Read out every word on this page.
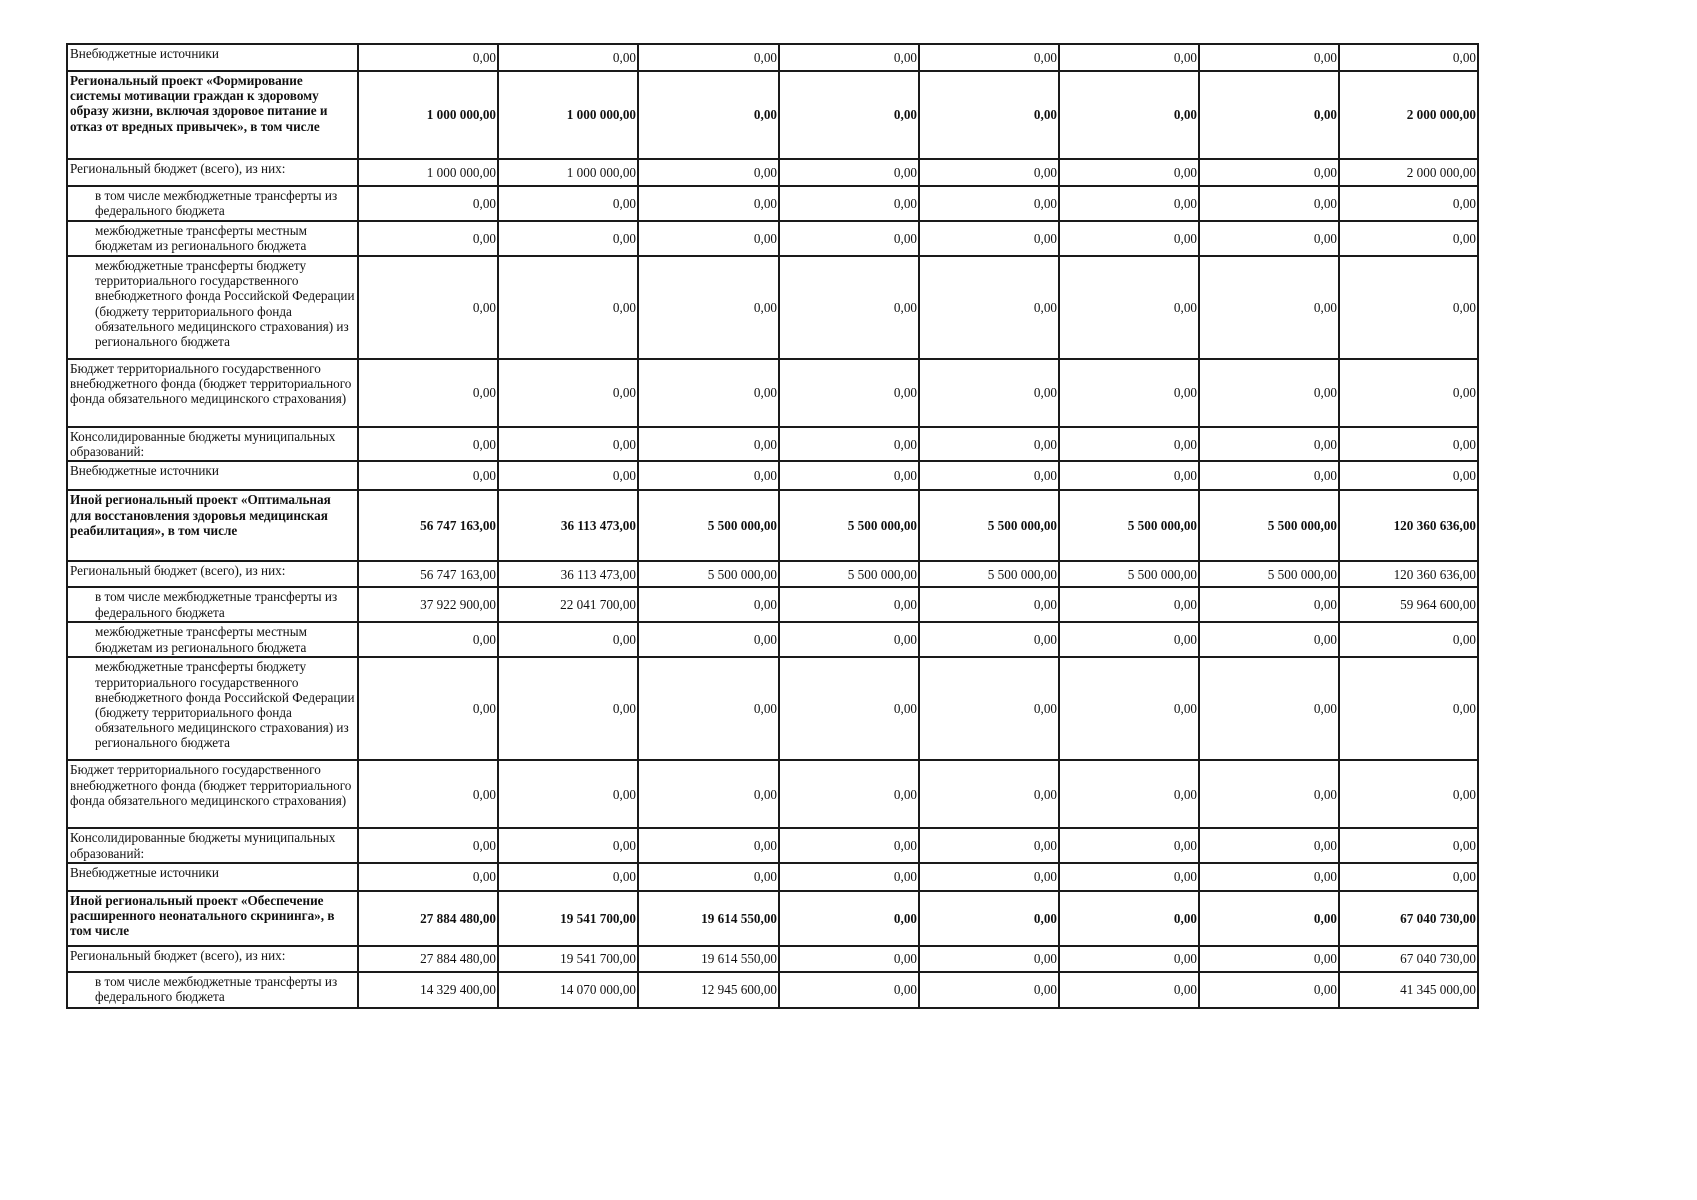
Внебюджетные источники	0,00	0,00	0,00	0,00	0,00	0,00	0,00	0,00
Региональный проект «Формирование системы мотивации граждан к здоровому образу жизни, включая здоровое питание и отказ от вредных привычек», в том числе	1 000 000,00	1 000 000,00	0,00	0,00	0,00	0,00	0,00	2 000 000,00
Региональный бюджет (всего), из них:	1 000 000,00	1 000 000,00	0,00	0,00	0,00	0,00	0,00	2 000 000,00
в том числе межбюджетные трансферты из федерального бюджета	0,00	0,00	0,00	0,00	0,00	0,00	0,00	0,00
межбюджетные трансферты местным бюджетам из регионального бюджета	0,00	0,00	0,00	0,00	0,00	0,00	0,00	0,00
межбюджетные трансферты бюджету территориального государственного внебюджетного фонда Российской Федерации (бюджету территориального фонда обязательного медицинского страхования) из регионального бюджета	0,00	0,00	0,00	0,00	0,00	0,00	0,00	0,00
Бюджет территориального государственного внебюджетного фонда (бюджет территориального фонда обязательного медицинского страхования)	0,00	0,00	0,00	0,00	0,00	0,00	0,00	0,00
Консолидированные бюджеты муниципальных образований:	0,00	0,00	0,00	0,00	0,00	0,00	0,00	0,00
Внебюджетные источники	0,00	0,00	0,00	0,00	0,00	0,00	0,00	0,00
Иной региональный проект «Оптимальная для восстановления здоровья медицинская реабилитация», в том числе	56 747 163,00	36 113 473,00	5 500 000,00	5 500 000,00	5 500 000,00	5 500 000,00	5 500 000,00	120 360 636,00
Региональный бюджет (всего), из них:	56 747 163,00	36 113 473,00	5 500 000,00	5 500 000,00	5 500 000,00	5 500 000,00	5 500 000,00	120 360 636,00
в том числе межбюджетные трансферты из федерального бюджета	37 922 900,00	22 041 700,00	0,00	0,00	0,00	0,00	0,00	59 964 600,00
межбюджетные трансферты местным бюджетам из регионального бюджета	0,00	0,00	0,00	0,00	0,00	0,00	0,00	0,00
межбюджетные трансферты бюджету территориального государственного внебюджетного фонда Российской Федерации (бюджету территориального фонда обязательного медицинского страхования) из регионального бюджета	0,00	0,00	0,00	0,00	0,00	0,00	0,00	0,00
Бюджет территориального государственного внебюджетного фонда (бюджет территориального фонда обязательного медицинского страхования)	0,00	0,00	0,00	0,00	0,00	0,00	0,00	0,00
Консолидированные бюджеты муниципальных образований:	0,00	0,00	0,00	0,00	0,00	0,00	0,00	0,00
Внебюджетные источники	0,00	0,00	0,00	0,00	0,00	0,00	0,00	0,00
Иной региональный проект «Обеспечение расширенного неонатального скрининга», в том числе	27 884 480,00	19 541 700,00	19 614 550,00	0,00	0,00	0,00	0,00	67 040 730,00
Региональный бюджет (всего), из них:	27 884 480,00	19 541 700,00	19 614 550,00	0,00	0,00	0,00	0,00	67 040 730,00
в том числе межбюджетные трансферты из федерального бюджета	14 329 400,00	14 070 000,00	12 945 600,00	0,00	0,00	0,00	0,00	41 345 000,00
